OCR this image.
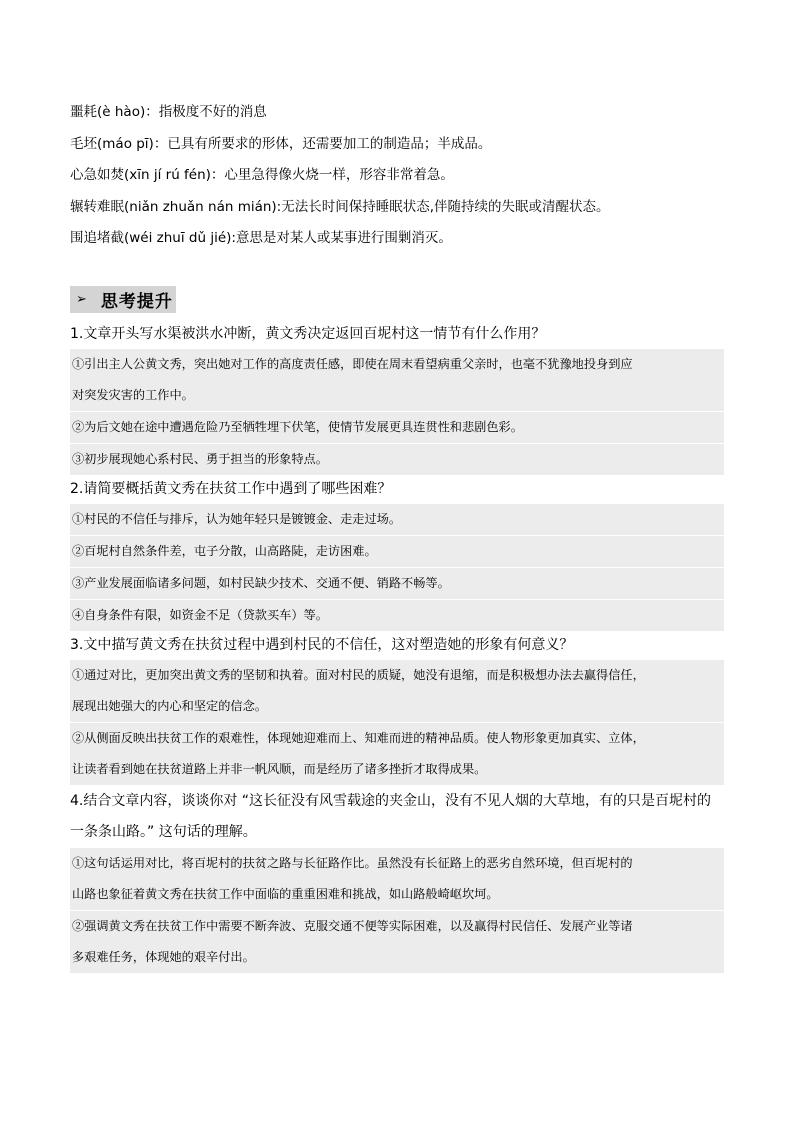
噩耗(è hào)：指极度不好的消息
毛坯(máo pī)：已具有所要求的形体，还需要加工的制造品；半成品。
心急如焚(xīn jí rú fén)：心里急得像火烧一样，形容非常着急。
辗转难眠(niǎn zhuǎn nán mián):无法长时间保持睡眠状态,伴随持续的失眠或清醒状态。
围追堵截(wéi zhuī dǔ jié):意思是对某人或某事进行围剿消灭。
➢ 思考提升
1.文章开头写水渠被洪水冲断，黄文秀决定返回百坭村这一情节有什么作用？
①引出主人公黄文秀，突出她对工作的高度责任感，即使在周末看望病重父亲时，也毫不犹豫地投身到应
对突发灾害的工作中。
②为后文她在途中遭遇危险乃至牺牲埋下伏笔，使情节发展更具连贯性和悲剧色彩。
③初步展现她心系村民、勇于担当的形象特点。
2.请简要概括黄文秀在扶贫工作中遇到了哪些困难？
①村民的不信任与排斥，认为她年轻只是镀镀金、走走过场。
②百坭村自然条件差，屯子分散，山高路陡，走访困难。
③产业发展面临诸多问题，如村民缺少技术、交通不便、销路不畅等。
④自身条件有限，如资金不足（贷款买车）等。
3.文中描写黄文秀在扶贫过程中遇到村民的不信任，这对塑造她的形象有何意义？
①通过对比，更加突出黄文秀的坚韧和执着。面对村民的质疑，她没有退缩，而是积极想办法去赢得信任，
展现出她强大的内心和坚定的信念。
②从侧面反映出扶贫工作的艰难性，体现她迎难而上、知难而进的精神品质。使人物形象更加真实、立体，
让读者看到她在扶贫道路上并非一帆风顺，而是经历了诸多挫折才取得成果。
4.结合文章内容，谈谈你对 “这长征没有风雪载途的夹金山，没有不见人烟的大草地，有的只是百坭村的
一条条山路。” 这句话的理解。
①这句话运用对比，将百坭村的扶贫之路与长征路作比。虽然没有长征路上的恶劣自然环境，但百坭村的
山路也象征着黄文秀在扶贫工作中面临的重重困难和挑战，如山路般崎岖坎坷。
②强调黄文秀在扶贫工作中需要不断奔波、克服交通不便等实际困难，以及赢得村民信任、发展产业等诸
多艰难任务，体现她的艰辛付出。
